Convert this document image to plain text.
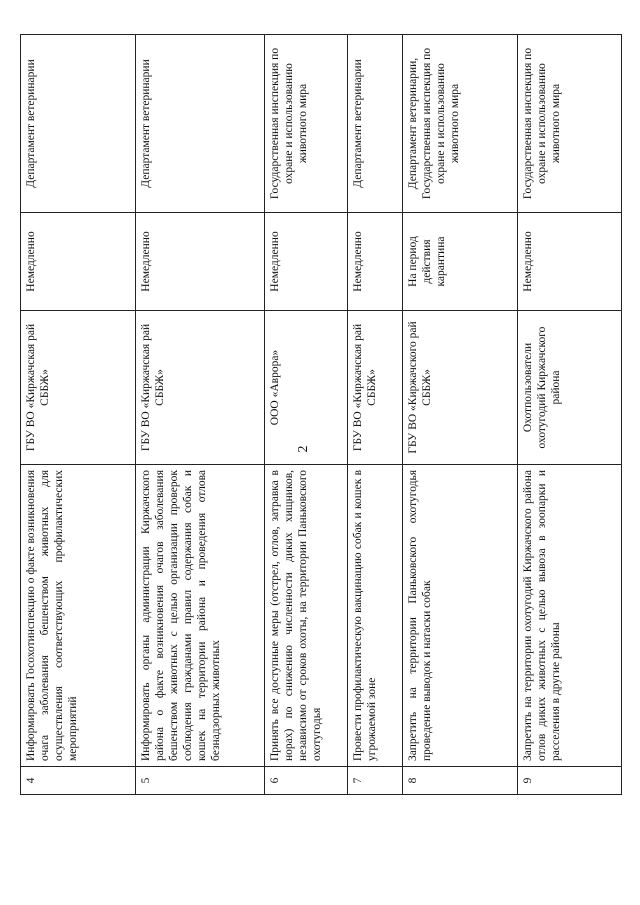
2
4	Информировать Госохотинспекцию о факте возникновения очага заболевания бешенством животных для осуществления соответствующих профилактических мероприятий	ГБУ ВО «Киржачская рай СББЖ»	Немедленно	Департамент ветеринарии
5	Информировать органы администрации Киржачского района о факте возникновения очагов заболевания бешенством животных с целью организации проверок соблюдения гражданами правил содержания собак и кошек на территории района и проведения отлова безнадзорных животных	ГБУ ВО «Киржачская рай СББЖ»	Немедленно	Департамент ветеринарии
6	Принять все доступные меры (отстрел, отлов, затравка в норах) по снижению численности диких хищников, независимо от сроков охоты, на территории Паньковского охотугодья	ООО «Аврора»	Немедленно	Государственная инспекция по охране и использованию животного мира
7	Провести профилактическую вакцинацию собак и кошек в угрожаемой зоне	ГБУ ВО «Киржачская рай СББЖ»	Немедленно	Департамент ветеринарии
8	Запретить на территории Паньковского охотугодья проведение выводок и натаски собак	ГБУ ВО «Киржачского рай СББЖ»	На период действия карантина	Департамент ветеринарии, Государственная инспекция по охране и использованию животного мира
9	Запретить на территории охотугодий Киржачского района отлов диких животных с целью вывоза в зоопарки и расселения в другие районы	Охотпользователи охотугодий Киржачского района	Немедленно	Государственная инспекция по охране и использованию животного мира
